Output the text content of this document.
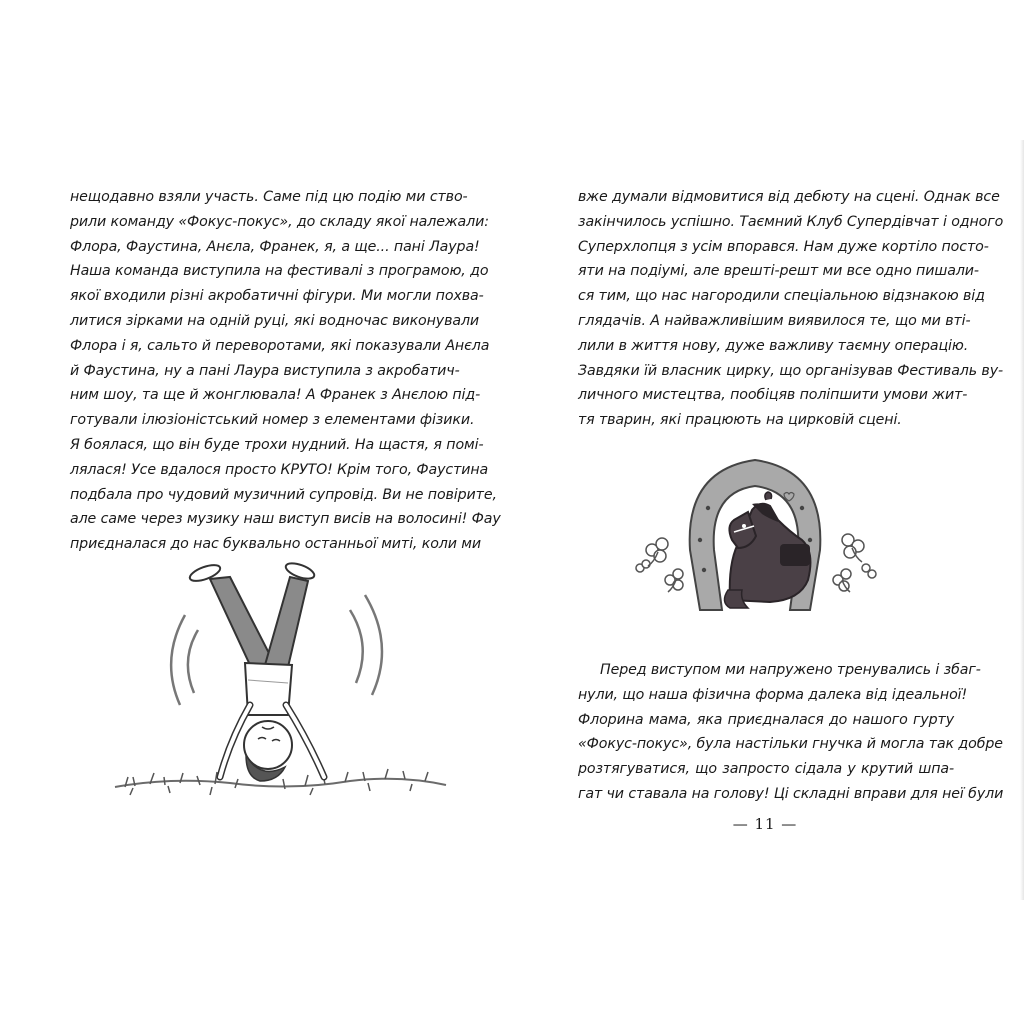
нещодавно взяли участь. Саме під цю подію ми ство-

рили команду «Фокус-покус», до складу якої належали:

Флора, Фаустина, Анєла, Франек, я, а ще... пані Лаура!

Наша команда виступила на фестивалі з програмою, до

якої входили різні акробатичні фігури. Ми могли похва-

литися зірками на одній руці, які водночас виконували

Флора і я, сальто й переворотами, які показували Анєла

й Фаустина, ну а пані Лаура виступила з акробатич-

ним шоу, та ще й жонглювала! А Франек з Анєлою під-

готували ілюзіоністський номер з елементами фізики.

Я боялася, що він буде трохи нудний. На щастя, я помі-

лялася! Усе вдалося просто КРУТО! Крім того, Фаустина

подбала про чудовий музичний супровід. Ви не повірите,

але саме через музику наш виступ висів на волосині! Фау

приєдналася до нас буквально останньої миті, коли ми

вже думали відмовитися від дебюту на сцені. Однак все

закінчилось успішно. Таємний Клуб Супердівчат і одного

Суперхлопця з усім впорався. Нам дуже кортіло посто-

яти на подіумі, але врешті-решт ми все одно пишали-

ся тим, що нас нагородили спеціальною відзнакою від

глядачів. А найважливішим виявилося те, що ми вті-

лили в життя нову, дуже важливу таємну операцію.

Завдяки їй власник цирку, що організував Фестиваль ву-

личного мистецтва, пообіцяв поліпшити умови жит-

тя тварин, які працюють на цирковій сцені.

Перед виступом ми напружено тренувались і збаг-

нули, що наша фізична форма далека від ідеальної!

Флорина мама, яка приєдналася до нашого гурту

«Фокус-покус», була настільки гнучка й могла так добре

розтягуватися, що запросто сідала у крутий шпа-

гат чи ставала на голову! Ці складні вправи для неї були

— 11 —
